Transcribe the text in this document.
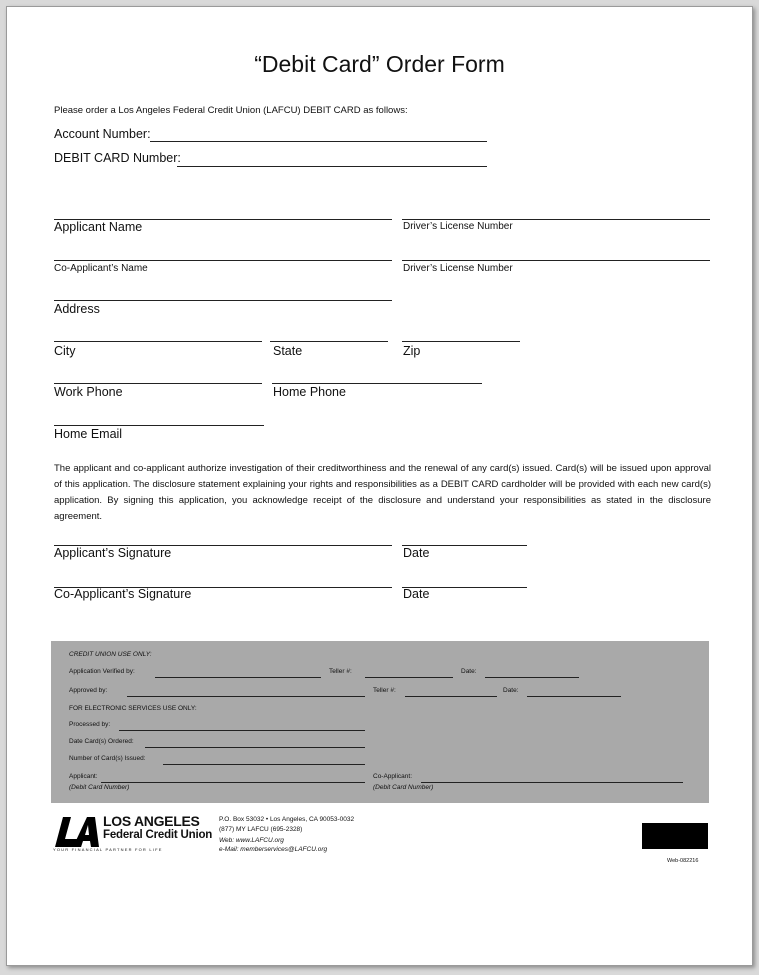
“Debit Card” Order Form
Please order a Los Angeles Federal Credit Union (LAFCU) DEBIT CARD as follows:
Account Number:
DEBIT CARD Number:
Applicant Name	Driver’s License Number
Co-Applicant’s Name	Driver’s License Number
Address
City	State	Zip
Work Phone	Home Phone
Home Email
The applicant and co-applicant authorize investigation of their creditworthiness and the renewal of any card(s) issued. Card(s) will be issued upon approval of this application. The disclosure statement explaining your rights and responsibilities as a DEBIT CARD cardholder will be provided with each new card(s) application. By signing this application, you acknowledge receipt of the disclosure and understand your responsibilities as stated in the disclosure agreement.
Applicant’s Signature	Date
Co-Applicant’s Signature	Date
CREDIT UNION USE ONLY:
Application Verified by:	Teller #:	Date:
Approved by:	Teller #:	Date:
FOR ELECTRONIC SERVICES USE ONLY:
Processed by:
Date Card(s) Ordered:
Number of Card(s) Issued:
Applicant:
(Debit Card Number)
Co-Applicant:
(Debit Card Number)
LOS ANGELES
Federal Credit Union
YOUR FINANCIAL PARTNER FOR LIFE
P.O. Box 53032 • Los Angeles, CA 90053-0032
(877) MY LAFCU (695-2328)
Web: www.LAFCU.org
e-Mail: memberservices@LAFCU.org
Web-082216
